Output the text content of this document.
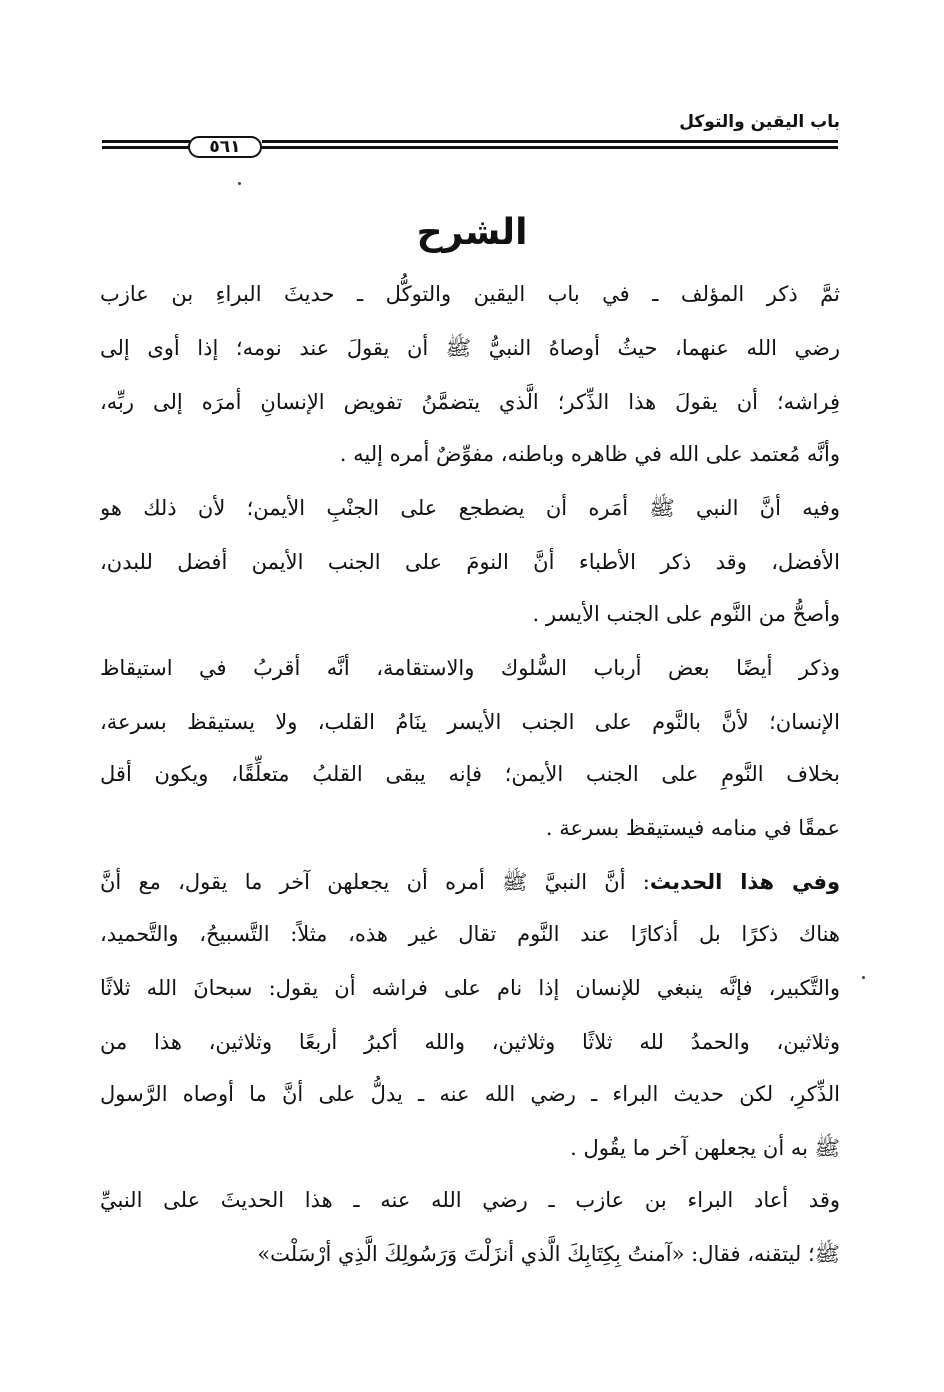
باب اليقين والتوكل
٥٦١
الشرح
ثمَّ ذكر المؤلف ـ في باب اليقين والتوكُّل ـ حديثَ البراءِ بن عازب
رضي الله عنهما، حيثُ أوصاهُ النبيُّ ﷺ أن يقولَ عند نومه؛ إذا أوى إلى
فِراشه؛ أن يقولَ هذا الذِّكر؛ الَّذي يتضمَّنُ تفويض الإنسانِ أمرَه إلى ربِّه،
وأنَّه مُعتمد على الله في ظاهره وباطنه، مفوِّضٌ أمره إليه .
وفيه أنَّ النبي ﷺ أمَره أن يضطجع على الجنْبِ الأيمن؛ لأن ذلك هو
الأفضل، وقد ذكر الأطباء أنَّ النومَ على الجنب الأيمن أفضل للبدن،
وأصحُّ من النَّوم على الجنب الأيسر .
وذكر أيضًا بعض أرباب السُّلوك والاستقامة، أنَّه أقربُ في استيقاظ
الإنسان؛ لأنَّ بالنَّوم على الجنب الأيسر ينَامُ القلب، ولا يستيقظ بسرعة،
بخلاف النَّومِ على الجنب الأيمن؛ فإنه يبقى القلبُ متعلِّقًا، ويكون أقل
عمقًا في منامه فيستيقظ بسرعة .
وفي هذا الحديث: أنَّ النبيَّ ﷺ أمره أن يجعلهن آخر ما يقول، مع أنَّ
هناك ذكرًا بل أذكارًا عند النَّوم تقال غير هذه، مثلاً: التَّسبيحُ، والتَّحميد،
والتَّكبير، فإنَّه ينبغي للإنسان إذا نام على فراشه أن يقول: سبحانَ الله ثلاثًا
وثلاثين، والحمدُ لله ثلاثًا وثلاثين، والله أكبرُ أربعًا وثلاثين، هذا من
الذِّكرِ، لكن حديث البراء ـ رضي الله عنه ـ يدلُّ على أنَّ ما أوصاه الرَّسول
ﷺ به أن يجعلهن آخر ما يقُول .
وقد أعاد البراء بن عازب ـ رضي الله عنه ـ هذا الحديثَ على النبيِّ
ﷺ؛ ليتقنه، فقال: «آمنتُ بِكِتَابِكَ الَّذي أنزَلْتَ وَرَسُولِكَ الَّذِي أرْسَلْت»
